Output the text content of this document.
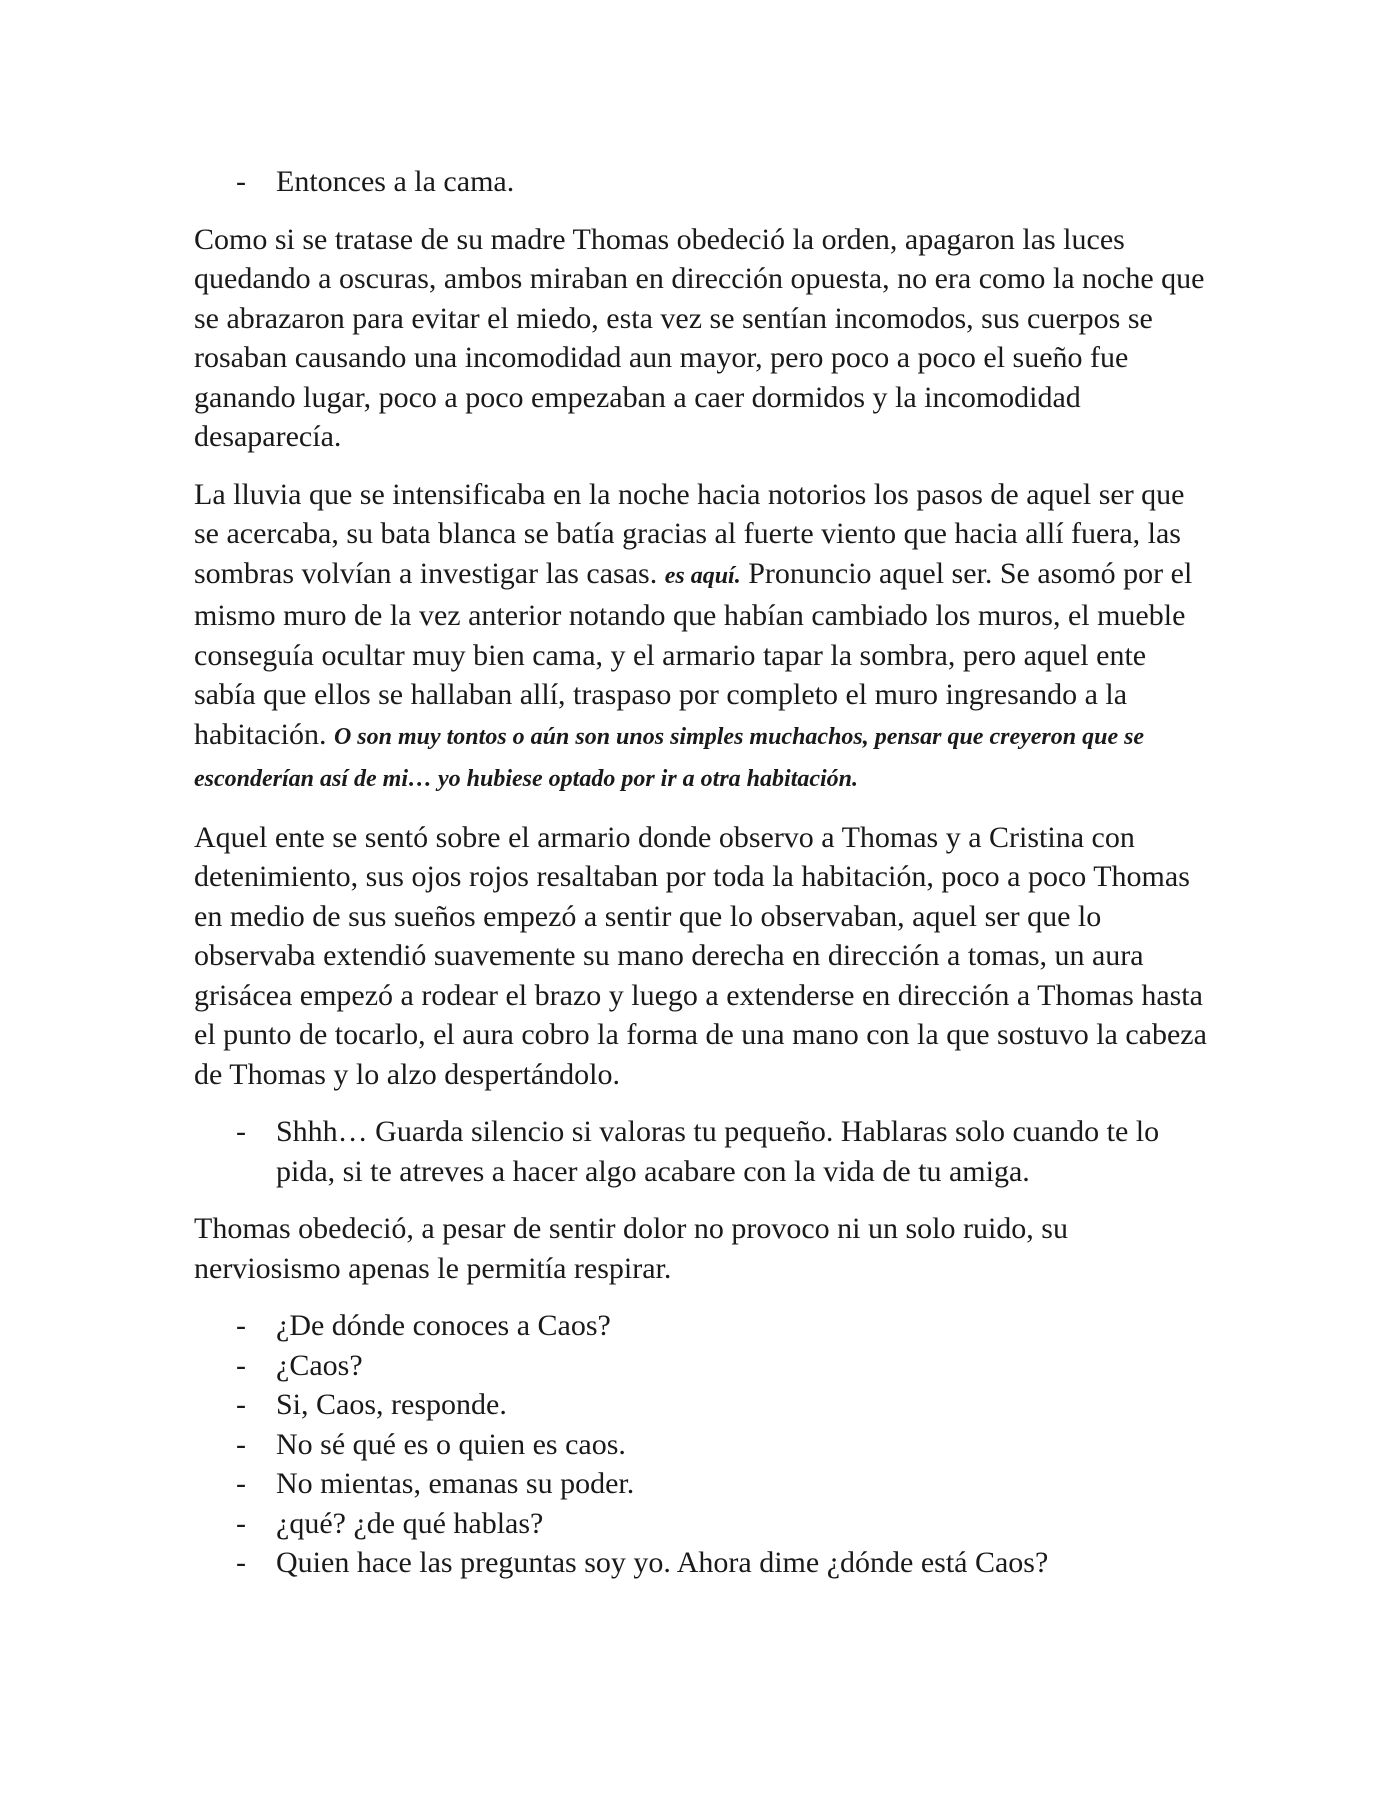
- Entonces a la cama.

Como si se tratase de su madre Thomas obedeció la orden, apagaron las luces quedando a oscuras, ambos miraban en dirección opuesta, no era como la noche que se abrazaron para evitar el miedo, esta vez se sentían incomodos, sus cuerpos se rosaban causando una incomodidad aun mayor, pero poco a poco el sueño fue ganando lugar, poco a poco empezaban a caer dormidos y la incomodidad desaparecía.

La lluvia que se intensificaba en la noche hacia notorios los pasos de aquel ser que se acercaba, su bata blanca se batía gracias al fuerte viento que hacia allí fuera, las sombras volvían a investigar las casas. es aquí. Pronuncio aquel ser. Se asomó por el mismo muro de la vez anterior notando que habían cambiado los muros, el mueble conseguía ocultar muy bien cama, y el armario tapar la sombra, pero aquel ente sabía que ellos se hallaban allí, traspaso por completo el muro ingresando a la habitación. O son muy tontos o aún son unos simples muchachos, pensar que creyeron que se esconderían así de mi… yo hubiese optado por ir a otra habitación.

Aquel ente se sentó sobre el armario donde observo a Thomas y a Cristina con detenimiento, sus ojos rojos resaltaban por toda la habitación, poco a poco Thomas en medio de sus sueños empezó a sentir que lo observaban, aquel ser que lo observaba extendió suavemente su mano derecha en dirección a tomas, un aura grisácea empezó a rodear el brazo y luego a extenderse en dirección a Thomas hasta el punto de tocarlo, el aura cobro la forma de una mano con la que sostuvo la cabeza de Thomas y lo alzo despertándolo.

- Shhh… Guarda silencio si valoras tu pequeño. Hablaras solo cuando te lo pida, si te atreves a hacer algo acabare con la vida de tu amiga.

Thomas obedeció, a pesar de sentir dolor no provoco ni un solo ruido, su nerviosismo apenas le permitía respirar.

- ¿De dónde conoces a Caos?

- ¿Caos?

- Si, Caos, responde.

- No sé qué es o quien es caos.

- No mientas, emanas su poder.

- ¿qué? ¿de qué hablas?

- Quien hace las preguntas soy yo. Ahora dime ¿dónde está Caos?
